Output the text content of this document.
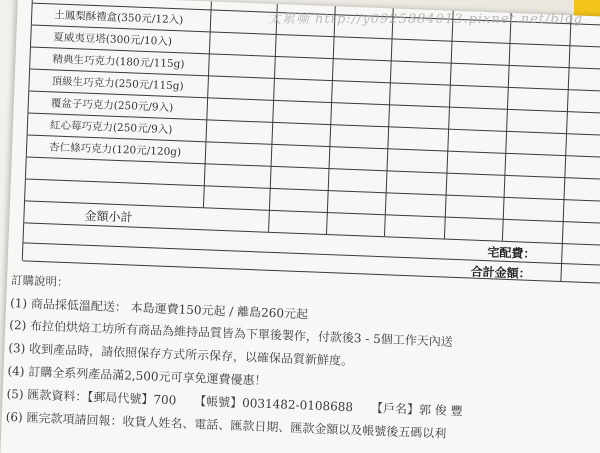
土鳳梨酥禮盒(350元/12入)
夏威夷豆塔(300元/10入)
精典生巧克力(180元/115g)
頂級生巧克力(250元/115g)
覆盆子巧克力(250元/9入)
紅心莓巧克力(250元/9入)
杏仁條巧克力(120元/120g)
金額小計
宅配費：
合計金額：
訂購說明：
(1) 商品採低溫配送： 本島運費150元起 / 離島260元起
(2) 布拉伯烘焙工坊所有商品為維持品質皆為下單後製作，付款後3 - 5個工作天內送
(3) 收到產品時，請依照保存方式所示保存，以確保品質新鮮度。
(4) 訂購全系列產品滿2,500元可享免運費優惠！
(5) 匯款資料：【郵局代號】700　　【帳號】0031482-0108688　　【戶名】郭 俊 豐
(6) 匯完款項請回報：收貨人姓名、電話、匯款日期、匯款金額以及帳號後五碼以利
太累嘶 http://y0925884013.pixnet.net/blog
